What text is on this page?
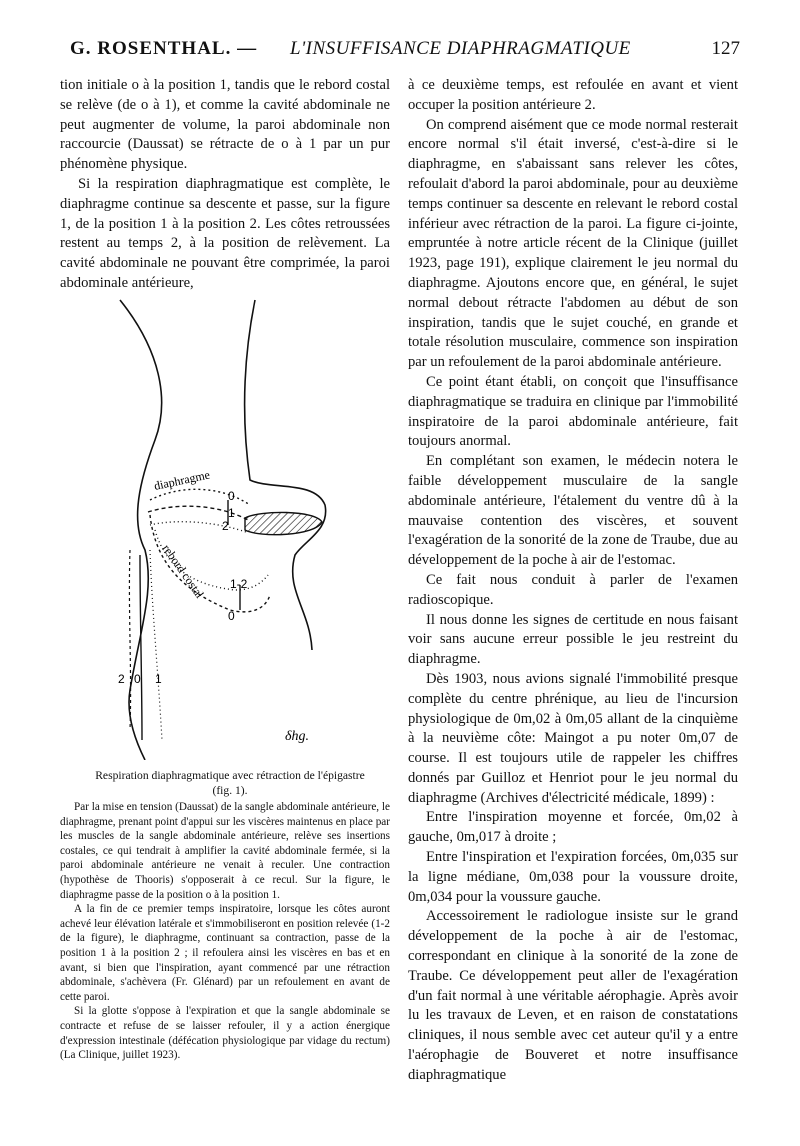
G. ROSENTHAL. — L'INSUFFISANCE DIAPHRAGMATIQUE	127

tion initiale o à la position 1, tandis que le rebord costal se relève (de o à 1), et comme la cavité abdominale ne peut augmenter de volume, la paroi abdominale non raccourcie (Daussat) se rétracte de o à 1 par un pur phénomène physique.

Si la respiration diaphragmatique est complète, le diaphragme continue sa descente et passe, sur la figure 1, de la position 1 à la position 2. Les côtes retroussées restent au temps 2, à la position de relèvement. La cavité abdominale ne pouvant être comprimée, la paroi abdominale antérieure,

diaphragme
0
1
2
rebord costal 1-2
0
2 0 1
δhg.
Respiration diaphragmatique avec rétraction de l'épigastre
(fig. 1).

Par la mise en tension (Daussat) de la sangle abdominale antérieure, le diaphragme, prenant point d'appui sur les viscères maintenus en place par les muscles de la sangle abdominale antérieure, relève ses insertions costales, ce qui tendrait à amplifier la cavité abdominale fermée, si la paroi abdominale antérieure ne venait à reculer. Une contraction (hypothèse de Thooris) s'opposerait à ce recul. Sur la figure, le diaphragme passe de la position o à la position 1.

A la fin de ce premier temps inspiratoire, lorsque les côtes auront achevé leur élévation latérale et s'immobiliseront en position relevée (1-2 de la figure), le diaphragme, continuant sa contraction, passe de la position 1 à la position 2 ; il refoulera ainsi les viscères en bas et en avant, si bien que l'inspiration, ayant commencé par une rétraction abdominale, s'achèvera (Fr. Glénard) par un refoulement en avant de cette paroi.

Si la glotte s'oppose à l'expiration et que la sangle abdominale se contracte et refuse de se laisser refouler, il y a action énergique d'expression intestinale (défécation physiologique par vidage du rectum) (La Clinique, juillet 1923).

à ce deuxième temps, est refoulée en avant et vient occuper la position antérieure 2.

On comprend aisément que ce mode normal resterait encore normal s'il était inversé, c'est-à-dire si le diaphragme, en s'abaissant sans relever les côtes, refoulait d'abord la paroi abdominale, pour au deuxième temps continuer sa descente en relevant le rebord costal inférieur avec rétraction de la paroi. La figure ci-jointe, empruntée à notre article récent de la Clinique (juillet 1923, page 191), explique clairement le jeu normal du diaphragme. Ajoutons encore que, en général, le sujet normal debout rétracte l'abdomen au début de son inspiration, tandis que le sujet couché, en grande et totale résolution musculaire, commence son inspiration par un refoulement de la paroi abdominale antérieure.

Ce point étant établi, on conçoit que l'insuffisance diaphragmatique se traduira en clinique par l'immobilité inspiratoire de la paroi abdominale antérieure, fait toujours anormal.

En complétant son examen, le médecin notera le faible développement musculaire de la sangle abdominale antérieure, l'étalement du ventre dû à la mauvaise contention des viscères, et souvent l'exagération de la sonorité de la zone de Traube, due au développement de la poche à air de l'estomac.

Ce fait nous conduit à parler de l'examen radioscopique.

Il nous donne les signes de certitude en nous faisant voir sans aucune erreur possible le jeu restreint du diaphragme.

Dès 1903, nous avions signalé l'immobilité presque complète du centre phrénique, au lieu de l'incursion physiologique de 0m,02 à 0m,05 allant de la cinquième à la neuvième côte: Maingot a pu noter 0m,07 de course. Il est toujours utile de rappeler les chiffres donnés par Guilloz et Henriot pour le jeu normal du diaphragme (Archives d'électricité médicale, 1899) :

Entre l'inspiration moyenne et forcée, 0m,02 à gauche, 0m,017 à droite ;

Entre l'inspiration et l'expiration forcées, 0m,035 sur la ligne médiane, 0m,038 pour la voussure droite, 0m,034 pour la voussure gauche.

Accessoirement le radiologue insiste sur le grand développement de la poche à air de l'estomac, correspondant en clinique à la sonorité de la zone de Traube. Ce développement peut aller de l'exagération d'un fait normal à une véritable aérophagie. Après avoir lu les travaux de Leven, et en raison de constatations cliniques, il nous semble avec cet auteur qu'il y a entre l'aérophagie de Bouveret et notre insuffisance diaphragmatique
